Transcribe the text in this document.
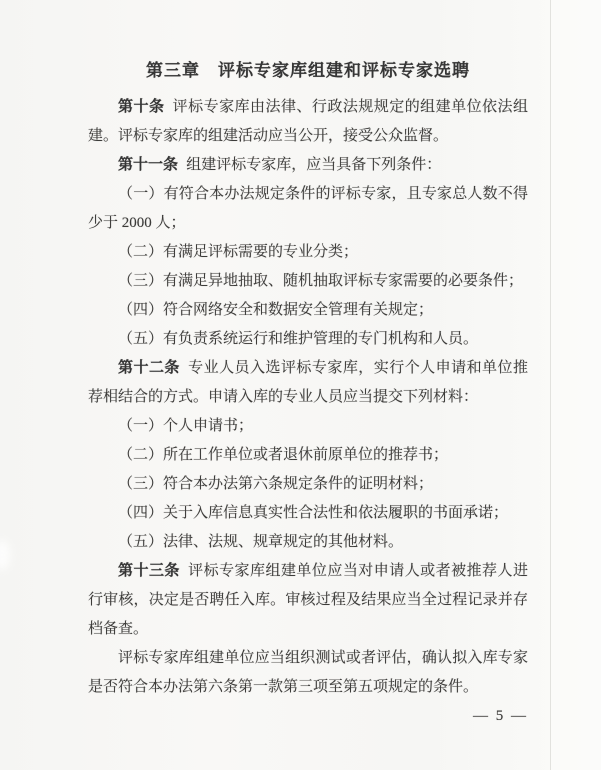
第三章　评标专家库组建和评标专家选聘

第十条 评标专家库由法律、行政法规规定的组建单位依法组建。评标专家库的组建活动应当公开，接受公众监督。

第十一条 组建评标专家库，应当具备下列条件：

（一）有符合本办法规定条件的评标专家，且专家总人数不得少于 2000 人；

（二）有满足评标需要的专业分类；

（三）有满足异地抽取、随机抽取评标专家需要的必要条件；

（四）符合网络安全和数据安全管理有关规定；

（五）有负责系统运行和维护管理的专门机构和人员。

第十二条 专业人员入选评标专家库，实行个人申请和单位推荐相结合的方式。申请入库的专业人员应当提交下列材料：

（一）个人申请书；

（二）所在工作单位或者退休前原单位的推荐书；

（三）符合本办法第六条规定条件的证明材料；

（四）关于入库信息真实性合法性和依法履职的书面承诺；

（五）法律、法规、规章规定的其他材料。

第十三条 评标专家库组建单位应当对申请人或者被推荐人进行审核，决定是否聘任入库。审核过程及结果应当全过程记录并存档备查。

评标专家库组建单位应当组织测试或者评估，确认拟入库专家是否符合本办法第六条第一款第三项至第五项规定的条件。

— 5 —
